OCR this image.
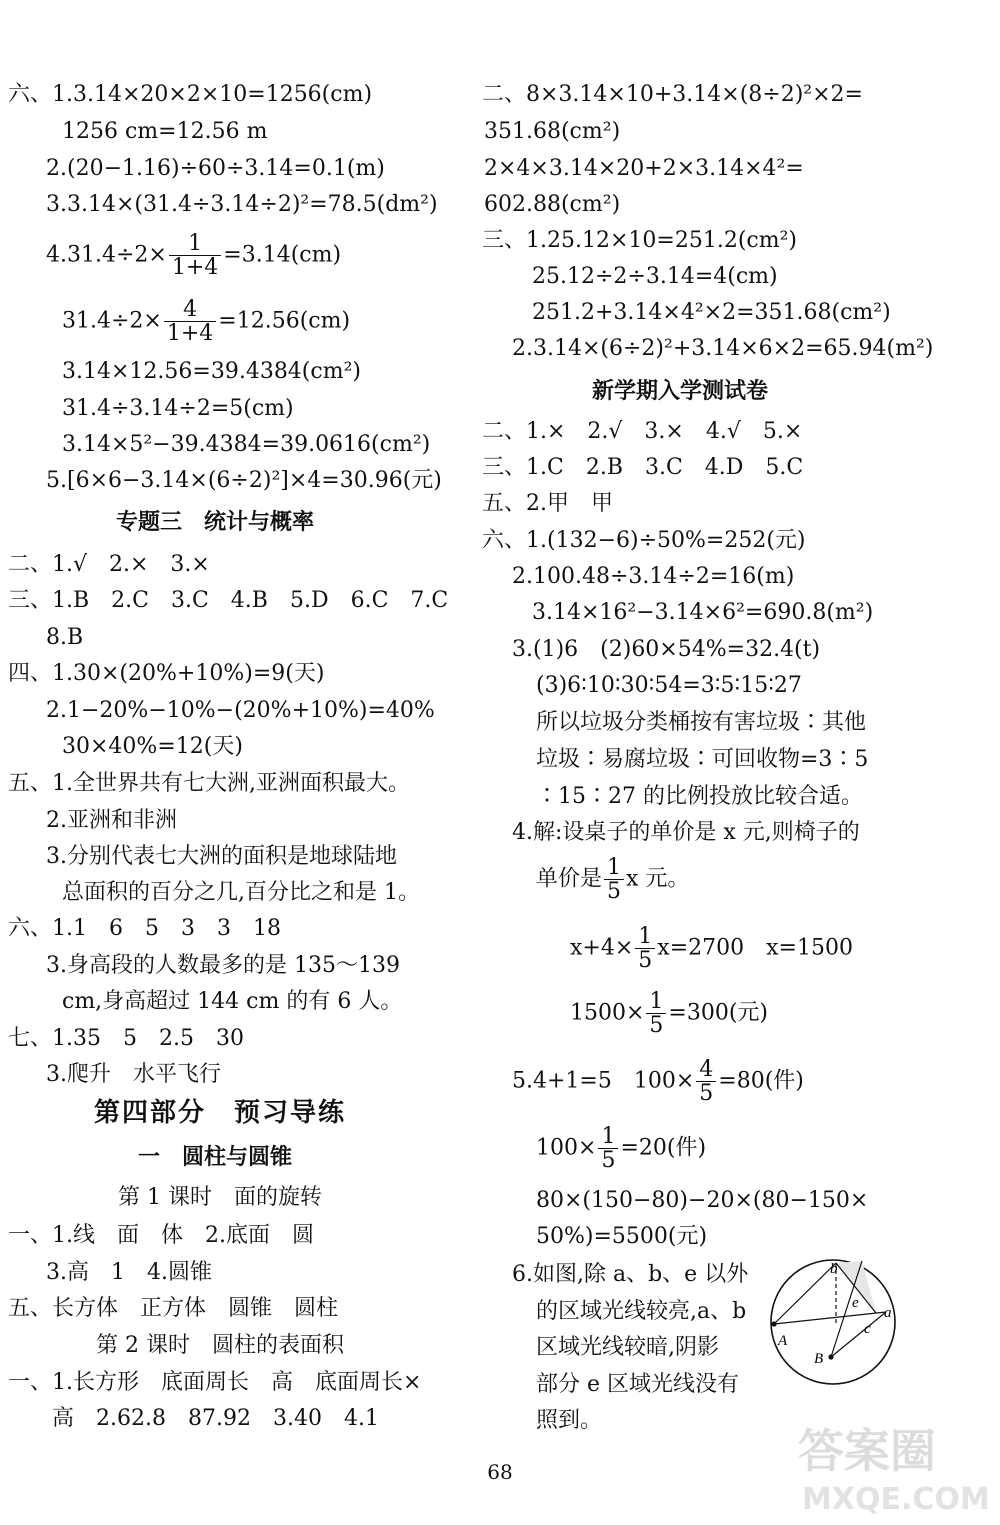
六、1.3.14×20×2×10=1256(cm)
1256 cm=12.56 m
2.(20−1.16)÷60÷3.14=0.1(m)
3.3.14×(31.4÷3.14÷2)²=78.5(dm²)
$4.31.4\div 2\times \frac{1}{1+4} =3.14(cm)$
$31.4\div 2\times \frac{4}{1+4} =12.56(cm)$
3.14×12.56=39.4384(cm²)
31.4÷3.14÷2=5(cm)
3.14×5²−39.4384=39.0616(cm²)
5.[6×6−3.14×(6÷2)²]×4=30.96(元)
专题三　统计与概率
二、1.√　2.×　3.×
三、1.B　2.C　3.C　4.B　5.D　6.C　7.C
8.B
四、1.30×(20%+10%)=9(天)
2.1−20%−10%−(20%+10%)=40%
30×40%=12(天)
五、1.全世界共有七大洲,亚洲面积最大。
2.亚洲和非洲
3.分别代表七大洲的面积是地球陆地
总面积的百分之几,百分比之和是 1。
六、1.1　6　5　3　3　18
3.身高段的人数最多的是 135～139
cm,身高超过 144 cm 的有 6 人。
七、1.35　5　2.5　30
3.爬升　水平飞行
第四部分　预习导练
一　圆柱与圆锥
第 1 课时　面的旋转
一、1.线　面　体　2.底面　圆
3.高　1　4.圆锥
五、长方体　正方体　圆锥　圆柱
第 2 课时　圆柱的表面积
一、1.长方形　底面周长　高　底面周长×
高　2.62.8　87.92　3.40　4.1
二、8×3.14×10+3.14×(8÷2)²×2=
351.68(cm²)
2×4×3.14×20+2×3.14×4²=
602.88(cm²)
三、1.25.12×10=251.2(cm²)
25.12÷2÷3.14=4(cm)
251.2+3.14×4²×2=351.68(cm²)
2.3.14×(6÷2)²+3.14×6×2=65.94(m²)
新学期入学测试卷
二、1.×　2.√　3.×　4.√　5.×
三、1.C　2.B　3.C　4.D　5.C
五、2.甲　甲
六、1.(132−6)÷50%=252(元)
2.100.48÷3.14÷2=16(m)
3.14×16²−3.14×6²=690.8(m²)
3.(1)6　(2)60×54%=32.4(t)
(3)6∶10∶30∶54=3∶5∶15∶27
所以垃圾分类桶按有害垃圾∶其他
垃圾∶易腐垃圾∶可回收物=3∶5
∶15∶27 的比例投放比较合适。
4.解:设桌子的单价是 x 元,则椅子的
单价是 $\frac{1}{5}$ x 元。
$x+4\times \frac{1}{5} x=2700$　x=1500
$1500\times \frac{1}{5} =300$(元)
5.4+1=5　$100\times \frac{4}{5} =80$(件)
$100\times \frac{1}{5} =20$(件)
80×(150−80)−20×(80−150×
50%)=5500(元)
6.如图,除 a、b、e 以外
的区域光线较亮,a、b
区域光线较暗,阴影
部分 e 区域光线没有
照到。
b
a
c
e
A
B
68	答案圈
MXQE.COM
